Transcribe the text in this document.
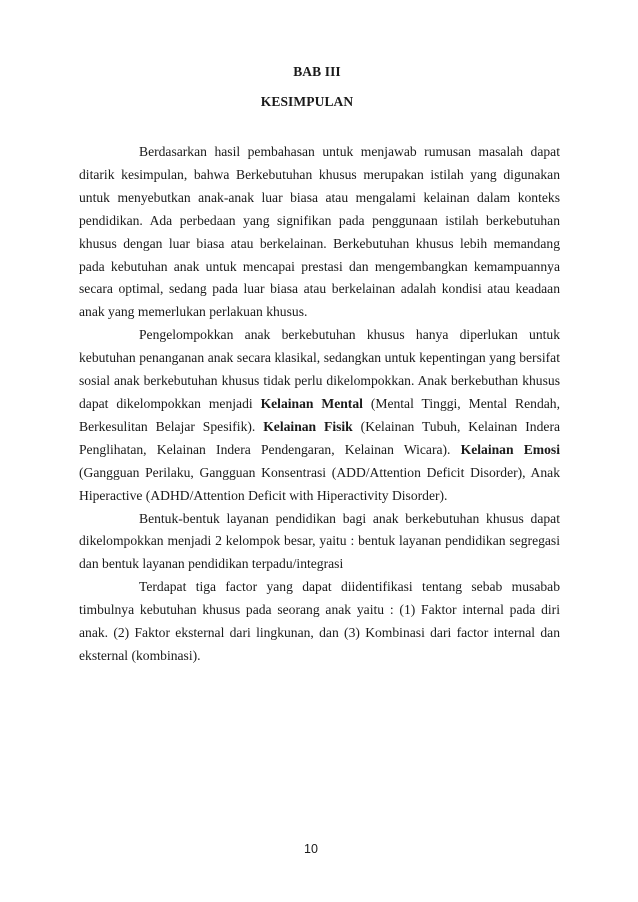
BAB III
KESIMPULAN

Berdasarkan hasil pembahasan untuk menjawab rumusan masalah dapat ditarik kesimpulan, bahwa Berkebutuhan khusus merupakan istilah yang digunakan untuk menyebutkan anak-anak luar biasa atau mengalami kelainan dalam konteks pendidikan. Ada perbedaan yang signifikan pada penggunaan istilah berkebutuhan khusus dengan luar biasa atau berkelainan. Berkebutuhan khusus lebih memandang pada kebutuhan anak untuk mencapai prestasi dan mengembangkan kemampuannya secara optimal, sedang pada luar biasa atau berkelainan adalah kondisi atau keadaan anak yang memerlukan perlakuan khusus.

Pengelompokkan anak berkebutuhan khusus hanya diperlukan untuk kebutuhan penanganan anak secara klasikal, sedangkan untuk kepentingan yang bersifat sosial anak berkebutuhan khusus tidak perlu dikelompokkan. Anak berkebuthan khusus dapat dikelompokkan menjadi Kelainan Mental (Mental Tinggi, Mental Rendah, Berkesulitan Belajar Spesifik). Kelainan Fisik (Kelainan Tubuh, Kelainan Indera Penglihatan, Kelainan Indera Pendengaran, Kelainan Wicara). Kelainan Emosi (Gangguan Perilaku, Gangguan Konsentrasi (ADD/Attention Deficit Disorder), Anak Hiperactive (ADHD/Attention Deficit with Hiperactivity Disorder).

Bentuk-bentuk layanan pendidikan bagi anak berkebutuhan khusus dapat dikelompokkan menjadi 2 kelompok besar, yaitu : bentuk layanan pendidikan segregasi dan bentuk layanan pendidikan terpadu/integrasi

Terdapat tiga factor yang dapat diidentifikasi tentang sebab musabab timbulnya kebutuhan khusus pada seorang anak yaitu : (1) Faktor internal pada diri anak. (2) Faktor eksternal dari lingkunan, dan (3) Kombinasi dari factor internal dan eksternal (kombinasi).

10
